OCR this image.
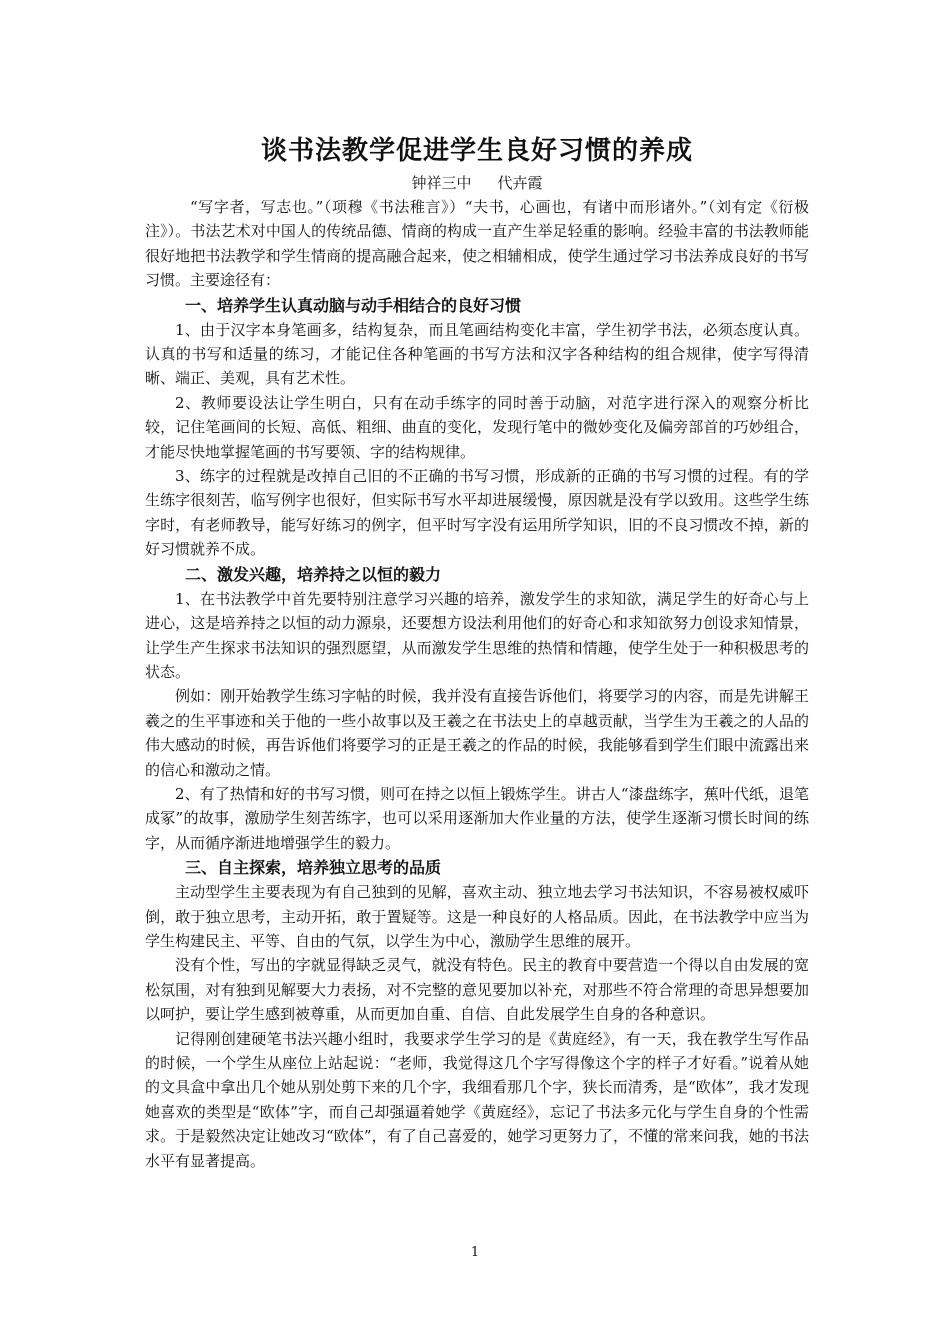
谈书法教学促进学生良好习惯的养成
钟祥三中 代卉霞

“写字者，写志也。”（项穆《书法稚言》）“夫书，心画也，有诸中而形诸外。”（刘有定《衍极注》）。书法艺术对中国人的传统品德、情商的构成一直产生举足轻重的影响。经验丰富的书法教师能很好地把书法教学和学生情商的提高融合起来，使之相辅相成，使学生通过学习书法养成良好的书写习惯。主要途径有：

一、培养学生认真动脑与动手相结合的良好习惯

1、由于汉字本身笔画多，结构复杂，而且笔画结构变化丰富，学生初学书法，必须态度认真。认真的书写和适量的练习，才能记住各种笔画的书写方法和汉字各种结构的组合规律，使字写得清晰、端正、美观，具有艺术性。

2、教师要设法让学生明白，只有在动手练字的同时善于动脑，对范字进行深入的观察分析比较，记住笔画间的长短、高低、粗细、曲直的变化，发现行笔中的微妙变化及偏旁部首的巧妙组合，才能尽快地掌握笔画的书写要领、字的结构规律。

3、练字的过程就是改掉自己旧的不正确的书写习惯，形成新的正确的书写习惯的过程。有的学生练字很刻苦，临写例字也很好，但实际书写水平却进展缓慢，原因就是没有学以致用。这些学生练字时，有老师教导，能写好练习的例字，但平时写字没有运用所学知识，旧的不良习惯改不掉，新的好习惯就养不成。

二、激发兴趣，培养持之以恒的毅力

1、在书法教学中首先要特别注意学习兴趣的培养，激发学生的求知欲，满足学生的好奇心与上进心，这是培养持之以恒的动力源泉，还要想方设法利用他们的好奇心和求知欲努力创设求知情景，让学生产生探求书法知识的强烈愿望，从而激发学生思维的热情和情趣，使学生处于一种积极思考的状态。

例如：刚开始教学生练习字帖的时候，我并没有直接告诉他们，将要学习的内容，而是先讲解王羲之的生平事迹和关于他的一些小故事以及王羲之在书法史上的卓越贡献，当学生为王羲之的人品的伟大感动的时候，再告诉他们将要学习的正是王羲之的作品的时候，我能够看到学生们眼中流露出来的信心和激动之情。

2、有了热情和好的书写习惯，则可在持之以恒上锻炼学生。讲古人“漆盘练字，蕉叶代纸，退笔成冢”的故事，激励学生刻苦练字，也可以采用逐渐加大作业量的方法，使学生逐渐习惯长时间的练字，从而循序渐进地增强学生的毅力。

三、自主探索，培养独立思考的品质

主动型学生主要表现为有自己独到的见解，喜欢主动、独立地去学习书法知识，不容易被权威吓倒，敢于独立思考，主动开拓，敢于置疑等。这是一种良好的人格品质。因此，在书法教学中应当为学生构建民主、平等、自由的气氛，以学生为中心，激励学生思维的展开。

没有个性，写出的字就显得缺乏灵气，就没有特色。民主的教育中要营造一个得以自由发展的宽松氛围，对有独到见解要大力表扬，对不完整的意见要加以补充，对那些不符合常理的奇思异想要加以呵护，要让学生感到被尊重，从而更加自重、自信、自此发展学生自身的各种意识。

记得刚创建硬笔书法兴趣小组时，我要求学生学习的是《黄庭经》，有一天，我在教学生写作品的时候，一个学生从座位上站起说：“老师，我觉得这几个字写得像这个字的样子才好看。”说着从她的文具盒中拿出几个她从别处剪下来的几个字，我细看那几个字，狭长而清秀，是“欧体”，我才发现她喜欢的类型是“欧体”字，而自己却强逼着她学《黄庭经》，忘记了书法多元化与学生自身的个性需求。于是毅然决定让她改习“欧体”，有了自己喜爱的，她学习更努力了，不懂的常来问我，她的书法水平有显著提高。

1
